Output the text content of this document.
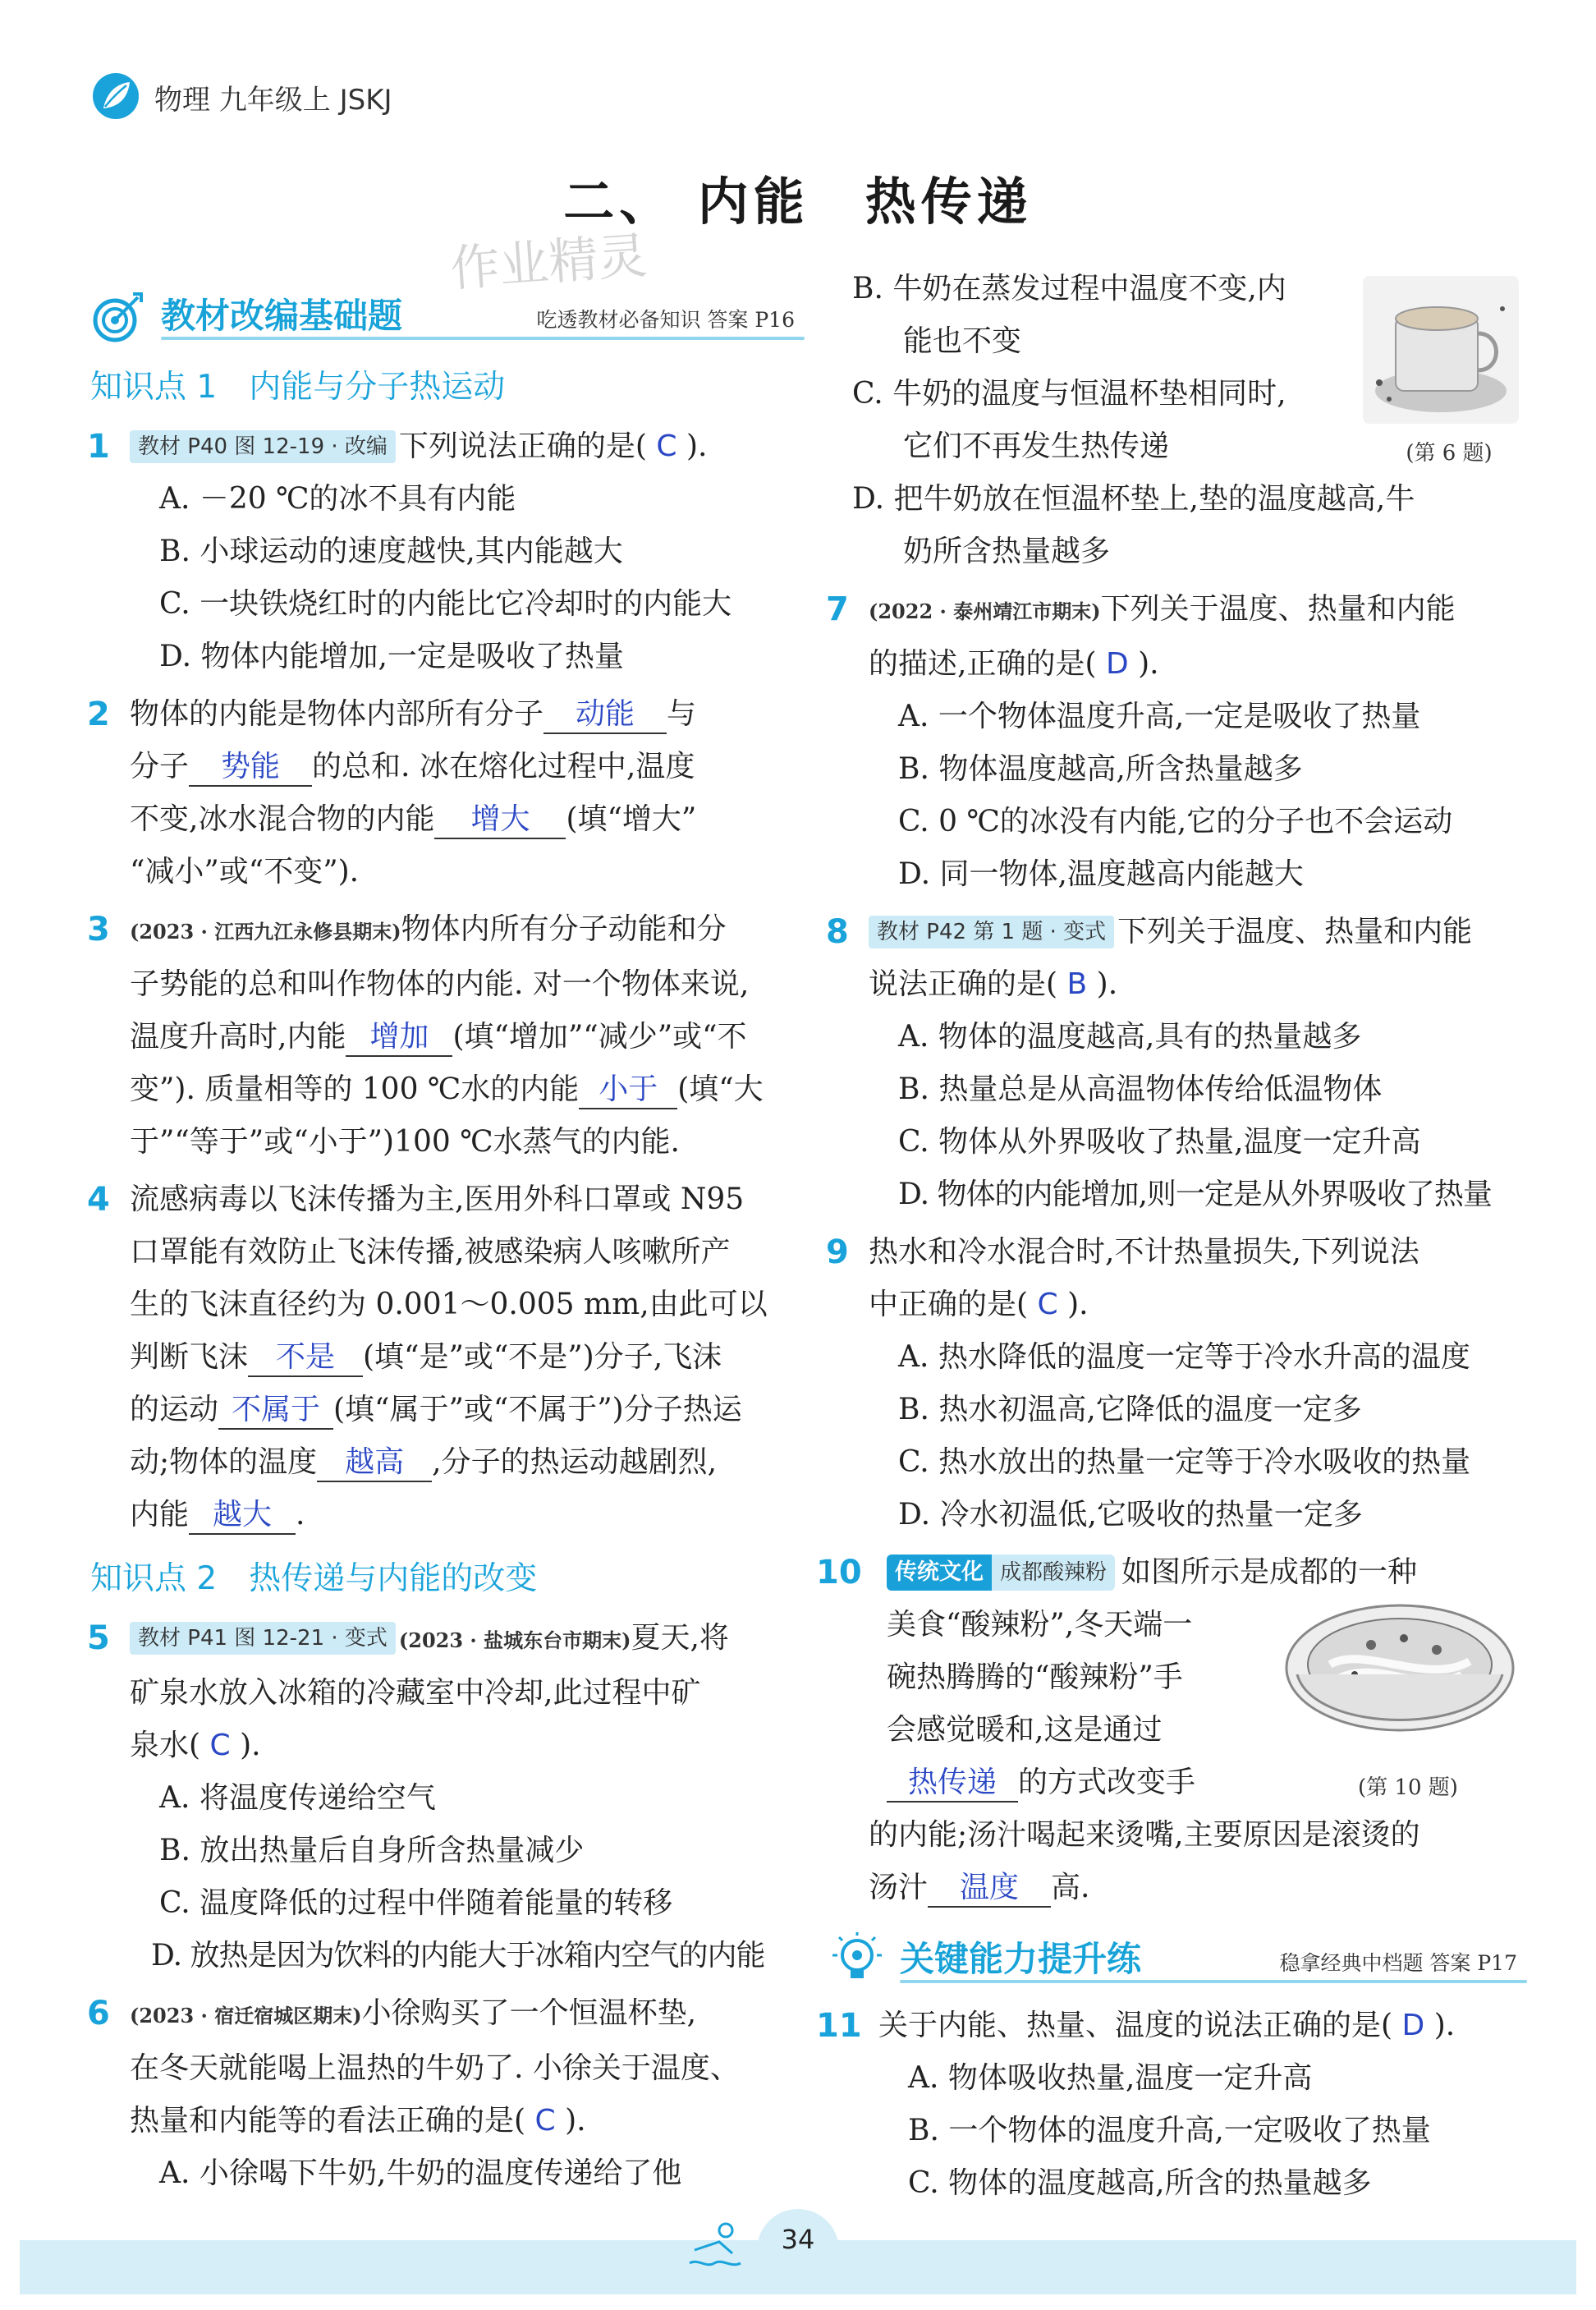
物理 九年级上 JSKJ
二、 内能　热传递
作业精灵
教材改编基础题	吃透教材必备知识 答案 P16
知识点 1　内能与分子热运动
1 教材 P40 图 12-19 · 改编 下列说法正确的是( C ).
A. －20 ℃的冰不具有内能
B. 小球运动的速度越快,其内能越大
C. 一块铁烧红时的内能比它冷却时的内能大
D. 物体内能增加,一定是吸收了热量
2 物体的内能是物体内部所有分子 动能 与
分子 势能 的总和. 冰在熔化过程中,温度
不变,冰水混合物的内能 增大 (填“增大”
“减小”或“不变”).
3 (2023 · 江西九江永修县期末)物体内所有分子动能和分
子势能的总和叫作物体的内能. 对一个物体来说,
温度升高时,内能 增加 (填“增加”“减少”或“不
变”). 质量相等的 100 ℃水的内能 小于 (填“大
于”“等于”或“小于”)100 ℃水蒸气的内能.
4 流感病毒以飞沫传播为主,医用外科口罩或 N95
口罩能有效防止飞沫传播,被感染病人咳嗽所产
生的飞沫直径约为 0.001～0.005 mm,由此可以
判断飞沫 不是 (填“是”或“不是”)分子,飞沫
的运动 不属于 (填“属于”或“不属于”)分子热运
动;物体的温度 越高 ,分子的热运动越剧烈,
内能 越大 .
知识点 2　热传递与内能的改变
5	教材 P41 图 12-21 · 变式 (2023 · 盐城东台市期末)夏天,将
矿泉水放入冰箱的冷藏室中冷却,此过程中矿
泉水( C ).
A. 将温度传递给空气
B. 放出热量后自身所含热量减少
C. 温度降低的过程中伴随着能量的转移
D. 放热是因为饮料的内能大于冰箱内空气的内能
6 (2023 · 宿迁宿城区期末)小徐购买了一个恒温杯垫,
在冬天就能喝上温热的牛奶了. 小徐关于温度、
热量和内能等的看法正确的是( C ).
A. 小徐喝下牛奶,牛奶的温度传递给了他
B. 牛奶在蒸发过程中温度不变,内
能也不变
C. 牛奶的温度与恒温杯垫相同时,
它们不再发生热传递
D. 把牛奶放在恒温杯垫上,垫的温度越高,牛
奶所含热量越多
(第 6 题)
7 (2022 · 泰州靖江市期末)下列关于温度、热量和内能
的描述,正确的是( D ).
A. 一个物体温度升高,一定是吸收了热量
B. 物体温度越高,所含热量越多
C. 0 ℃的冰没有内能,它的分子也不会运动
D. 同一物体,温度越高内能越大
8	教材 P42 第 1 题 · 变式 下列关于温度、热量和内能
说法正确的是( B ).
A. 物体的温度越高,具有的热量越多
B. 热量总是从高温物体传给低温物体
C. 物体从外界吸收了热量,温度一定升高
D. 物体的内能增加,则一定是从外界吸收了热量
9 热水和冷水混合时,不计热量损失,下列说法
中正确的是( C ).
A. 热水降低的温度一定等于冷水升高的温度
B. 热水初温高,它降低的温度一定多
C. 热水放出的热量一定等于冷水吸收的热量
D. 冷水初温低,它吸收的热量一定多
10	传统文化 成都酸辣粉 如图所示是成都的一种
美食“酸辣粉”,冬天端一
碗热腾腾的“酸辣粉”手
会感觉暖和,这是通过
热传递 的方式改变手
的内能;汤汁喝起来烫嘴,主要原因是滚烫的
汤汁 温度 高.
(第 10 题)
关键能力提升练	稳拿经典中档题 答案 P17
11 关于内能、热量、温度的说法正确的是( D ).
A. 物体吸收热量,温度一定升高
B. 一个物体的温度升高,一定吸收了热量
C. 物体的温度越高,所含的热量越多
34
